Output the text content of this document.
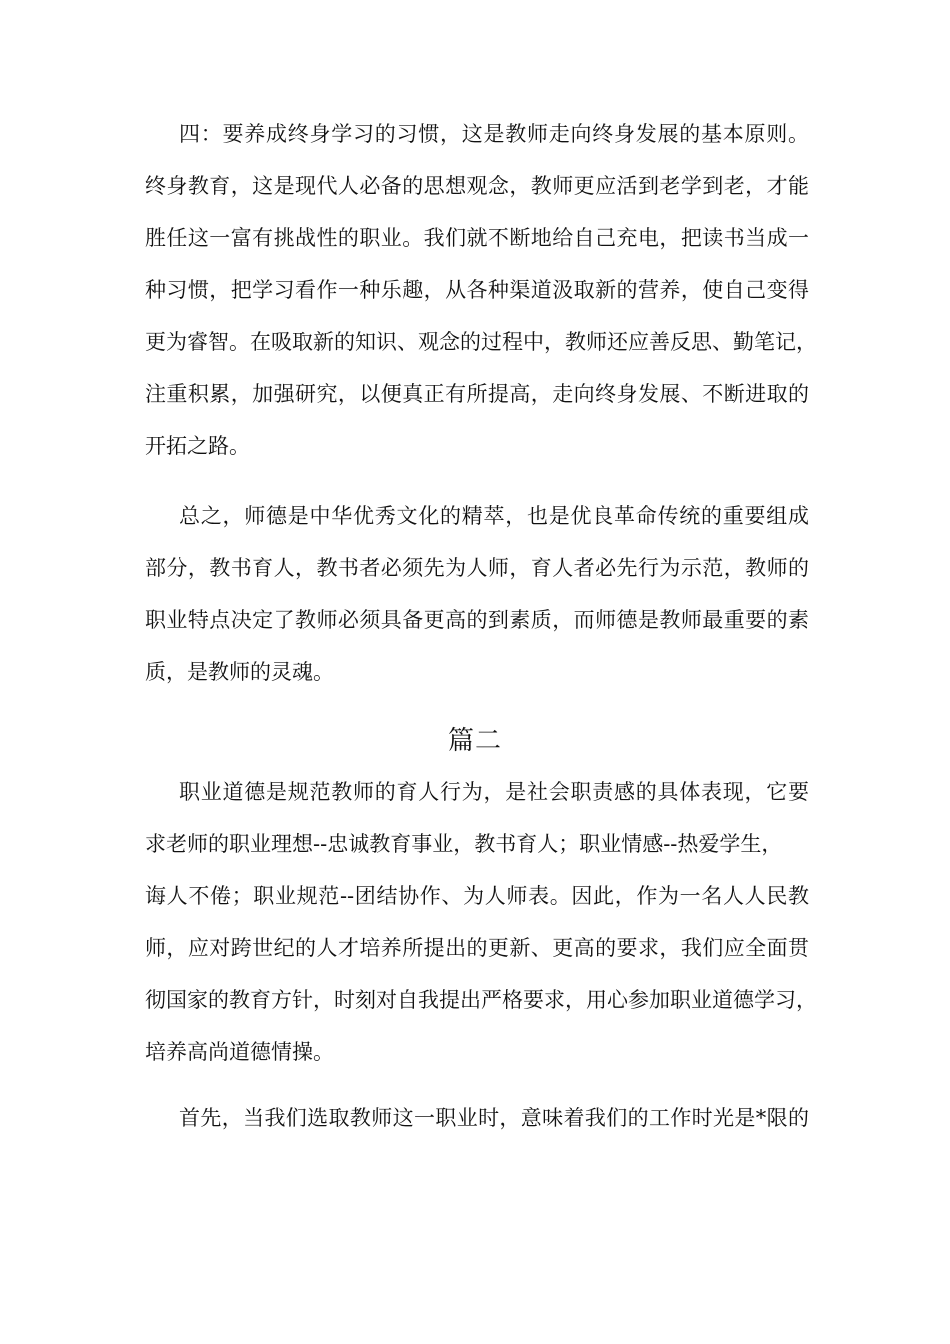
四：要养成终身学习的习惯，这是教师走向终身发展的基本原则。
终身教育，这是现代人必备的思想观念，教师更应活到老学到老，才能
胜任这一富有挑战性的职业。我们就不断地给自己充电，把读书当成一
种习惯，把学习看作一种乐趣，从各种渠道汲取新的营养，使自己变得
更为睿智。在吸取新的知识、观念的过程中，教师还应善反思、勤笔记，
注重积累，加强研究，以便真正有所提高，走向终身发展、不断进取的
开拓之路。
总之，师德是中华优秀文化的精萃，也是优良革命传统的重要组成
部分，教书育人，教书者必须先为人师，育人者必先行为示范，教师的
职业特点决定了教师必须具备更高的到素质，而师德是教师最重要的素
质，是教师的灵魂。
篇二
职业道德是规范教师的育人行为，是社会职责感的具体表现，它要
求老师的职业理想--忠诚教育事业，教书育人；职业情感--热爱学生，
诲人不倦；职业规范--团结协作、为人师表。因此，作为一名人人民教
师，应对跨世纪的人才培养所提出的更新、更高的要求，我们应全面贯
彻国家的教育方针，时刻对自我提出严格要求，用心参加职业道德学习，
培养高尚道德情操。
首先，当我们选取教师这一职业时，意味着我们的工作时光是*限的
